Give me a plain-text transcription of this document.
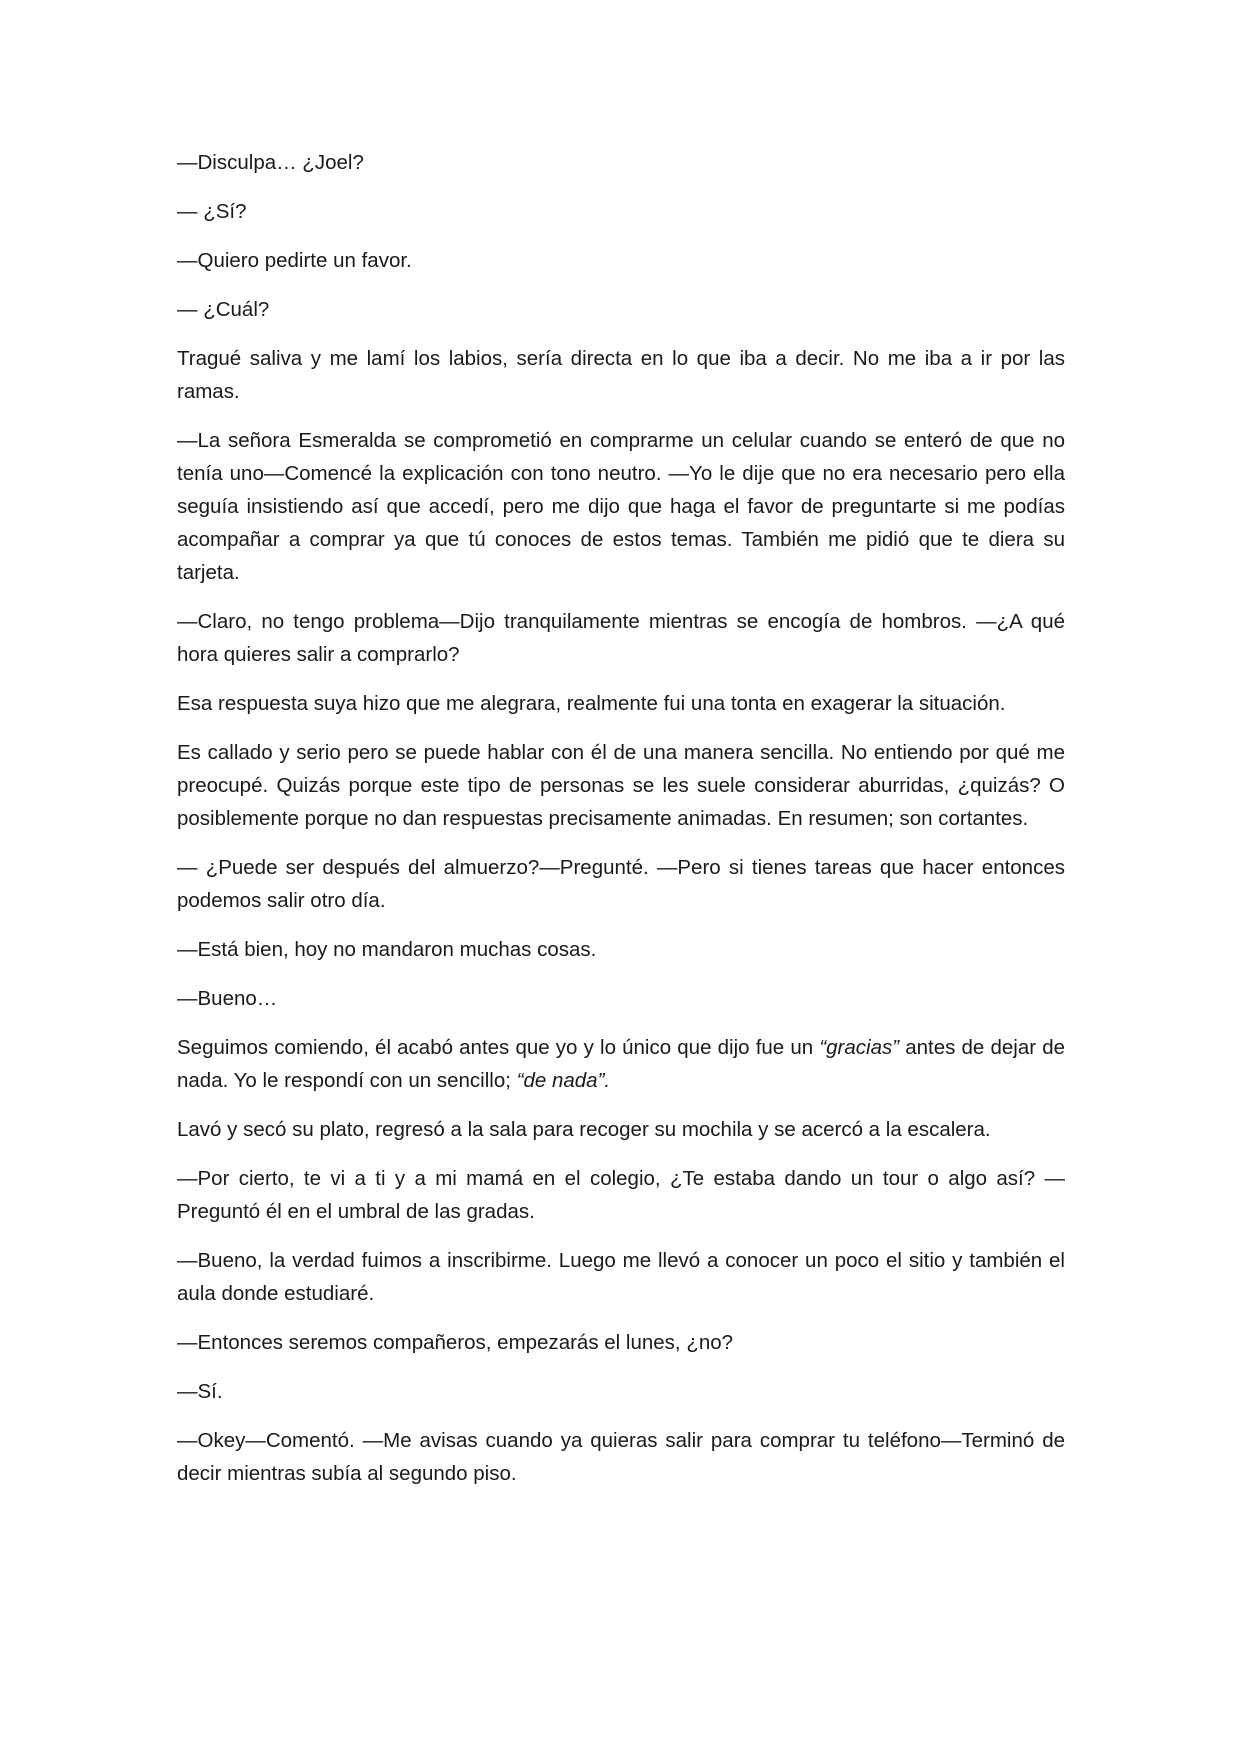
—Disculpa… ¿Joel?

— ¿Sí?

—Quiero pedirte un favor.

— ¿Cuál?

Tragué saliva y me lamí los labios, sería directa en lo que iba a decir. No me iba a ir por las ramas.

—La señora Esmeralda se comprometió en comprarme un celular cuando se enteró de que no tenía uno—Comencé la explicación con tono neutro. —Yo le dije que no era necesario pero ella seguía insistiendo así que accedí, pero me dijo que haga el favor de preguntarte si me podías acompañar a comprar ya que tú conoces de estos temas. También me pidió que te diera su tarjeta.

—Claro, no tengo problema—Dijo tranquilamente mientras se encogía de hombros. —¿A qué hora quieres salir a comprarlo?

Esa respuesta suya hizo que me alegrara, realmente fui una tonta en exagerar la situación.

Es callado y serio pero se puede hablar con él de una manera sencilla. No entiendo por qué me preocupé. Quizás porque este tipo de personas se les suele considerar aburridas, ¿quizás? O posiblemente porque no dan respuestas precisamente animadas. En resumen; son cortantes.

— ¿Puede ser después del almuerzo?—Pregunté. —Pero si tienes tareas que hacer entonces podemos salir otro día.

—Está bien, hoy no mandaron muchas cosas.

—Bueno…

Seguimos comiendo, él acabó antes que yo y lo único que dijo fue un “gracias” antes de dejar de nada. Yo le respondí con un sencillo; “de nada”.

Lavó y secó su plato, regresó a la sala para recoger su mochila y se acercó a la escalera.

—Por cierto, te vi a ti y a mi mamá en el colegio, ¿Te estaba dando un tour o algo así? —Preguntó él en el umbral de las gradas.

—Bueno, la verdad fuimos a inscribirme. Luego me llevó a conocer un poco el sitio y también el aula donde estudiaré.

—Entonces seremos compañeros, empezarás el lunes, ¿no?

—Sí.

—Okey—Comentó. —Me avisas cuando ya quieras salir para comprar tu teléfono—Terminó de decir mientras subía al segundo piso.
